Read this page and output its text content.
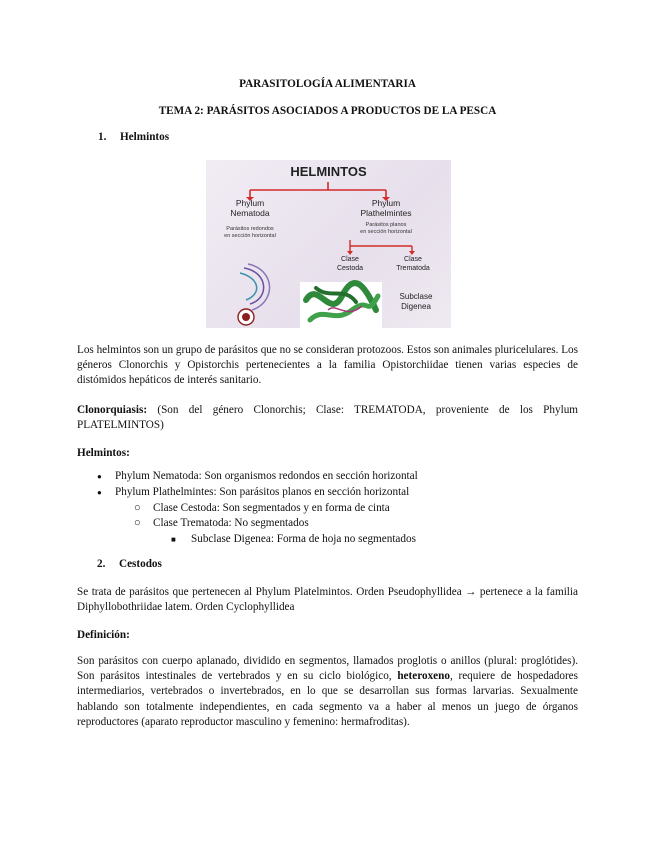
PARASITOLOGÍA ALIMENTARIA
TEMA 2: PARÁSITOS ASOCIADOS A PRODUCTOS DE LA PESCA
1. Helmintos
HELMINTOS
Phylum
Nematoda
Parásitos redondos
en sección horizontal
Phylum
Plathelmintes
Parásitos planos
en sección horizontal
Clase
Cestoda
Clase
Trematoda
Subclase
Digenea
Los helmintos son un grupo de parásitos que no se consideran protozoos. Estos son animales pluricelulares. Los géneros Clonorchis y Opistorchis pertenecientes a la familia Opistorchiidae tienen varias especies de distómidos hepáticos de interés sanitario.
Clonorquiasis: (Son del género Clonorchis; Clase: TREMATODA, proveniente de los Phylum PLATELMINTOS)
Helmintos:
● Phylum Nematoda: Son organismos redondos en sección horizontal
● Phylum Plathelmintes: Son parásitos planos en sección horizontal
○ Clase Cestoda: Son segmentados y en forma de cinta
○ Clase Trematoda: No segmentados
■ Subclase Digenea: Forma de hoja no segmentados
2. Cestodos
Se trata de parásitos que pertenecen al Phylum Platelmintos. Orden Pseudophyllidea → pertenece a la familia Diphyllobothriidae latem. Orden Cyclophyllidea
Definición:
Son parásitos con cuerpo aplanado, dividido en segmentos, llamados proglotis o anillos (plural: proglótides). Son parásitos intestinales de vertebrados y en su ciclo biológico, heteroxeno, requiere de hospedadores intermediarios, vertebrados o invertebrados, en lo que se desarrollan sus formas larvarias. Sexualmente hablando son totalmente independientes, en cada segmento va a haber al menos un juego de órganos reproductores (aparato reproductor masculino y femenino: hermafroditas).
